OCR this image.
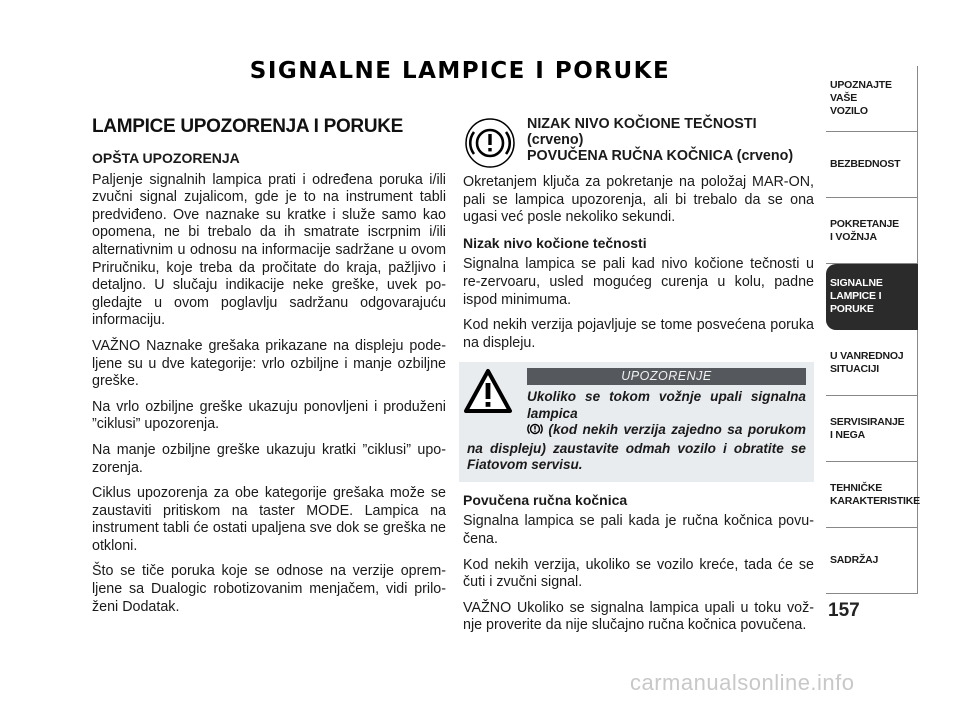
SIGNALNE LAMPICE I PORUKE
LAMPICE UPOZORENJA I PORUKE
OPŠTA UPOZORENJA

Paljenje signalnih lampica prati i određena poruka i/ili zvučni signal zujalicom, gde je to na instrument tabli predviđeno. Ove naznake su kratke i služe samo kao opomena, ne bi trebalo da ih smatrate iscrpnim i/ili alternativnim u odnosu na informacije sadržane u ovom Priručniku, koje treba da pročitate do kraja, pažljivo i detaljno. U slučaju indikacije neke greške, uvek po-gledajte u ovom poglavlju sadržanu odgovarajuću informaciju.

VAŽNO Naznake grešaka prikazane na displeju pode-ljene su u dve kategorije: vrlo ozbiljne i manje ozbiljne greške.

Na vrlo ozbiljne greške ukazuju ponovljeni i produženi ”ciklusi” upozorenja.

Na manje ozbiljne greške ukazuju kratki ”ciklusi” upo-zorenja.

Ciklus upozorenja za obe kategorije grešaka može se zaustaviti pritiskom na taster MODE. Lampica na instrument tabli će ostati upaljena sve dok se greška ne otkloni.

Što se tiče poruka koje se odnose na verzije oprem-ljene sa Dualogic robotizovanim menjačem, vidi prilo-ženi Dodatak.

NIZAK NIVO KOČIONE TEČNOSTI (crveno)
POVUČENA RUČNA KOČNICA (crveno)

Okretanjem ključa za pokretanje na položaj MAR-ON, pali se lampica upozorenja, ali bi trebalo da se ona ugasi već posle nekoliko sekundi.

Nizak nivo kočione tečnosti

Signalna lampica se pali kad nivo kočione tečnosti u re-zervoaru, usled mogućeg curenja u kolu, padne ispod minimuma.

Kod nekih verzija pojavljuje se tome posvećena poruka na displeju.

UPOZORENJE
Ukoliko se tokom vožnje upali signalna lampica
(kod nekih verzija zajedno sa porukom na displeju) zaustavite odmah vozilo i obratite se Fiatovom servisu.
Povučena ručna kočnica

Signalna lampica se pali kada je ručna kočnica povu-čena.

Kod nekih verzija, ukoliko se vozilo kreće, tada će se čuti i zvučni signal.

VAŽNO Ukoliko se signalna lampica upali u toku vož-nje proverite da nije slučajno ručna kočnica povučena.

UPOZNAJTE
VAŠE
VOZILO
BEZBEDNOST
POKRETANJE
I VOŽNJA
SIGNALNE
LAMPICE I PORUKE
U VANREDNOJ
SITUACIJI
SERVISIRANJE
I NEGA
TEHNIČKE
KARAKTERISTIKE
SADRŽAJ
157
carmanualsonline.info
